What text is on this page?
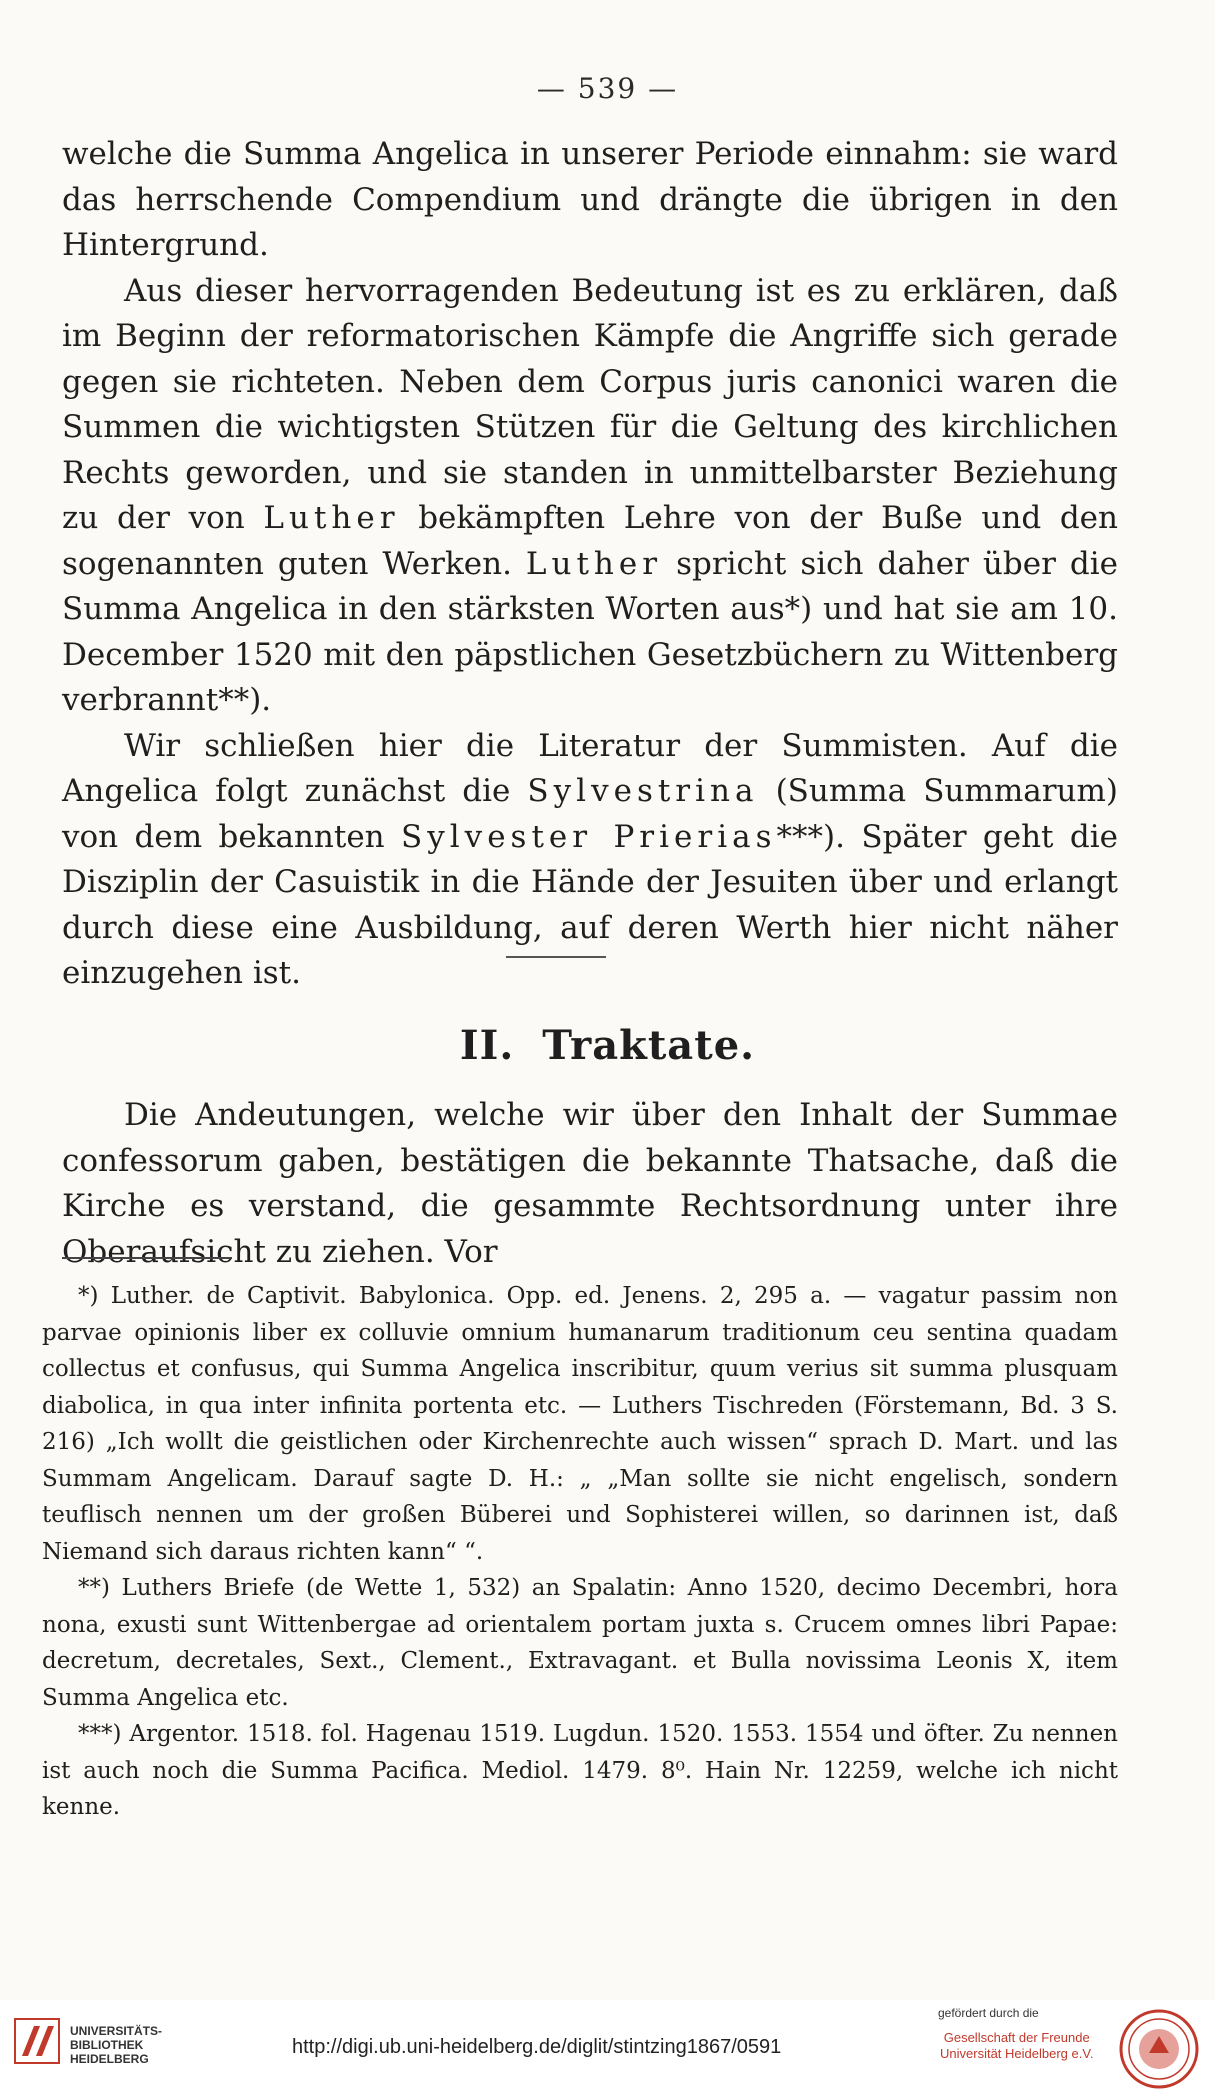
— 539 —

welche die Summa Angelica in unserer Periode einnahm: sie ward das herrschende Compendium und drängte die übrigen in den Hintergrund.

Aus dieser hervorragenden Bedeutung ist es zu erklären, daß im Beginn der reformatorischen Kämpfe die Angriffe sich gerade gegen sie richteten. Neben dem Corpus juris canonici waren die Summen die wichtigsten Stützen für die Geltung des kirchlichen Rechts geworden, und sie standen in unmittelbarster Beziehung zu der von Luther bekämpften Lehre von der Buße und den sogenannten guten Werken. Luther spricht sich daher über die Summa Angelica in den stärksten Worten aus*) und hat sie am 10. December 1520 mit den päpstlichen Gesetzbüchern zu Wittenberg verbrannt**).

Wir schließen hier die Literatur der Summisten. Auf die Angelica folgt zunächst die Sylvestrina (Summa Summarum) von dem bekannten Sylvester Prierias***). Später geht die Disziplin der Casuistik in die Hände der Jesuiten über und erlangt durch diese eine Ausbildung, auf deren Werth hier nicht näher einzugehen ist.

II. Traktate.

Die Andeutungen, welche wir über den Inhalt der Summae confessorum gaben, bestätigen die bekannte Thatsache, daß die Kirche es verstand, die gesammte Rechtsordnung unter ihre Oberaufsicht zu ziehen. Vor

*) Luther. de Captivit. Babylonica. Opp. ed. Jenens. 2, 295 a. — vagatur passim non parvae opinionis liber ex colluvie omnium humanarum traditionum ceu sentina quadam collectus et confusus, qui Summa Angelica inscribitur, quum verius sit summa plusquam diabolica, in qua inter infinita portenta etc. — Luthers Tischreden (Förstemann, Bd. 3 S. 216) „Ich wollt die geistlichen oder Kirchenrechte auch wissen“ sprach D. Mart. und las Summam Angelicam. Darauf sagte D. H.: „ „Man sollte sie nicht engelisch, sondern teuflisch nennen um der großen Büberei und Sophisterei willen, so darinnen ist, daß Niemand sich daraus richten kann“ “.

**) Luthers Briefe (de Wette 1, 532) an Spalatin: Anno 1520, decimo Decembri, hora nona, exusti sunt Wittenbergae ad orientalem portam juxta s. Crucem omnes libri Papae: decretum, decretales, Sext., Clement., Extravagant. et Bulla novissima Leonis X, item Summa Angelica etc.

***) Argentor. 1518. fol. Hagenau 1519. Lugdun. 1520. 1553. 1554 und öfter. Zu nennen ist auch noch die Summa Pacifica. Mediol. 1479. 8⁰. Hain Nr. 12259, welche ich nicht kenne.

UNIVERSITÄTS-
BIBLIOTHEK
HEIDELBERG
http://digi.ub.uni-heidelberg.de/diglit/stintzing1867/0591
gefördert durch die
Gesellschaft der Freunde
Universität Heidelberg e.V.
